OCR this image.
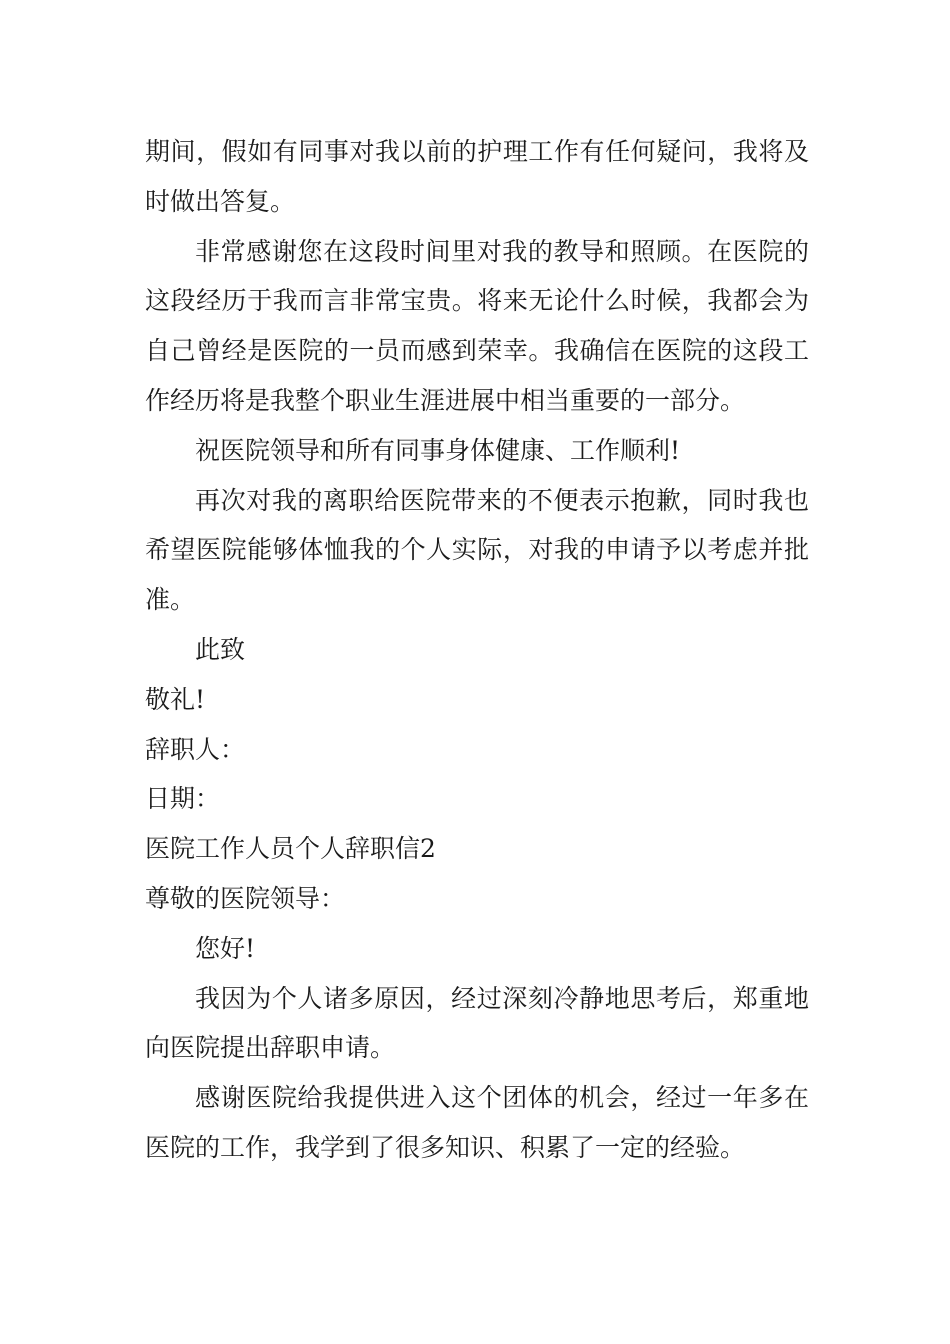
期间，假如有同事对我以前的护理工作有任何疑问，我将及时做出答复。

非常感谢您在这段时间里对我的教导和照顾。在医院的这段经历于我而言非常宝贵。将来无论什么时候，我都会为自己曾经是医院的一员而感到荣幸。我确信在医院的这段工作经历将是我整个职业生涯进展中相当重要的一部分。

祝医院领导和所有同事身体健康、工作顺利!

再次对我的离职给医院带来的不便表示抱歉，同时我也希望医院能够体恤我的个人实际，对我的申请予以考虑并批准。

此致

敬礼!

辞职人：

日期：

医院工作人员个人辞职信2

尊敬的医院领导：

您好!

我因为个人诸多原因，经过深刻冷静地思考后，郑重地向医院提出辞职申请。

感谢医院给我提供进入这个团体的机会，经过一年多在医院的工作，我学到了很多知识、积累了一定的经验。
